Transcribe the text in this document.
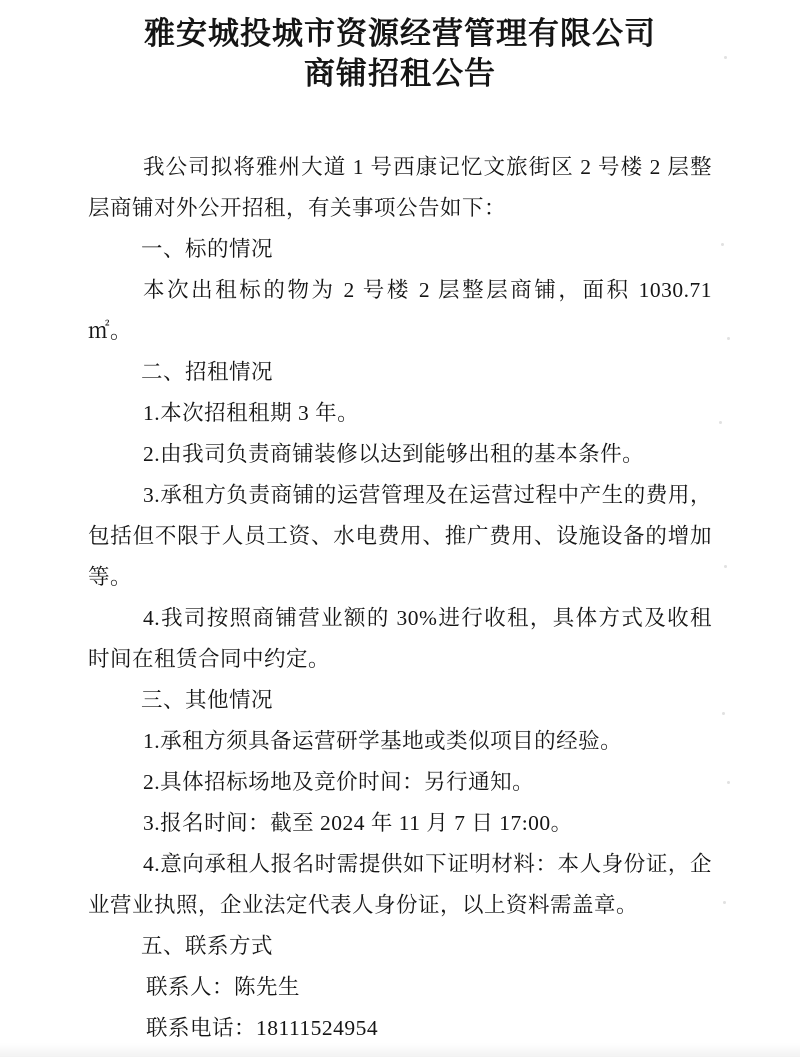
雅安城投城市资源经营管理有限公司
商铺招租公告

我公司拟将雅州大道 1 号西康记忆文旅街区 2 号楼 2 层整层商铺对外公开招租，有关事项公告如下：

一、标的情况

本次出租标的物为 2 号楼 2 层整层商铺，面积 1030.71 ㎡。

二、招租情况

1.本次招租租期 3 年。

2.由我司负责商铺装修以达到能够出租的基本条件。

3.承租方负责商铺的运营管理及在运营过程中产生的费用，包括但不限于人员工资、水电费用、推广费用、设施设备的增加等。

4.我司按照商铺营业额的 30%进行收租，具体方式及收租时间在租赁合同中约定。

三、其他情况

1.承租方须具备运营研学基地或类似项目的经验。

2.具体招标场地及竞价时间：另行通知。

3.报名时间：截至 2024 年 11 月 7 日 17:00。

4.意向承租人报名时需提供如下证明材料：本人身份证，企业营业执照，企业法定代表人身份证，以上资料需盖章。

五、联系方式

联系人：陈先生

联系电话：18111524954
